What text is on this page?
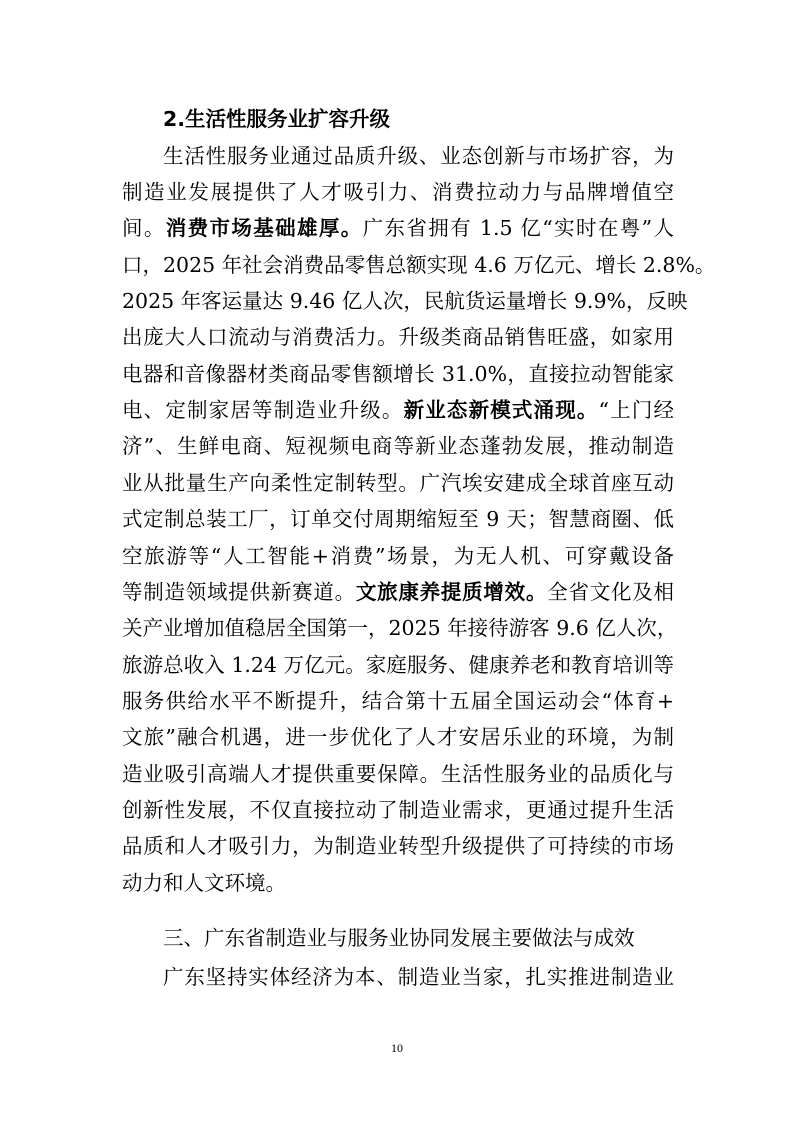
2.生活性服务业扩容升级
生活性服务业通过品质升级、业态创新与市场扩容，为
制造业发展提供了人才吸引力、消费拉动力与品牌增值空
间。消费市场基础雄厚。广东省拥有 1.5 亿“实时在粤”人
口，2025 年社会消费品零售总额实现 4.6 万亿元、增长 2.8%。
2025 年客运量达 9.46 亿人次，民航货运量增长 9.9%，反映
出庞大人口流动与消费活力。升级类商品销售旺盛，如家用
电器和音像器材类商品零售额增长 31.0%，直接拉动智能家
电、定制家居等制造业升级。新业态新模式涌现。“上门经
济”、生鲜电商、短视频电商等新业态蓬勃发展，推动制造
业从批量生产向柔性定制转型。广汽埃安建成全球首座互动
式定制总装工厂，订单交付周期缩短至 9 天；智慧商圈、低
空旅游等“人工智能+消费”场景，为无人机、可穿戴设备
等制造领域提供新赛道。文旅康养提质增效。全省文化及相
关产业增加值稳居全国第一，2025 年接待游客 9.6 亿人次，
旅游总收入 1.24 万亿元。家庭服务、健康养老和教育培训等
服务供给水平不断提升，结合第十五届全国运动会“体育+
文旅”融合机遇，进一步优化了人才安居乐业的环境，为制
造业吸引高端人才提供重要保障。生活性服务业的品质化与
创新性发展，不仅直接拉动了制造业需求，更通过提升生活
品质和人才吸引力，为制造业转型升级提供了可持续的市场
动力和人文环境。
三、广东省制造业与服务业协同发展主要做法与成效
广东坚持实体经济为本、制造业当家，扎实推进制造业
10
